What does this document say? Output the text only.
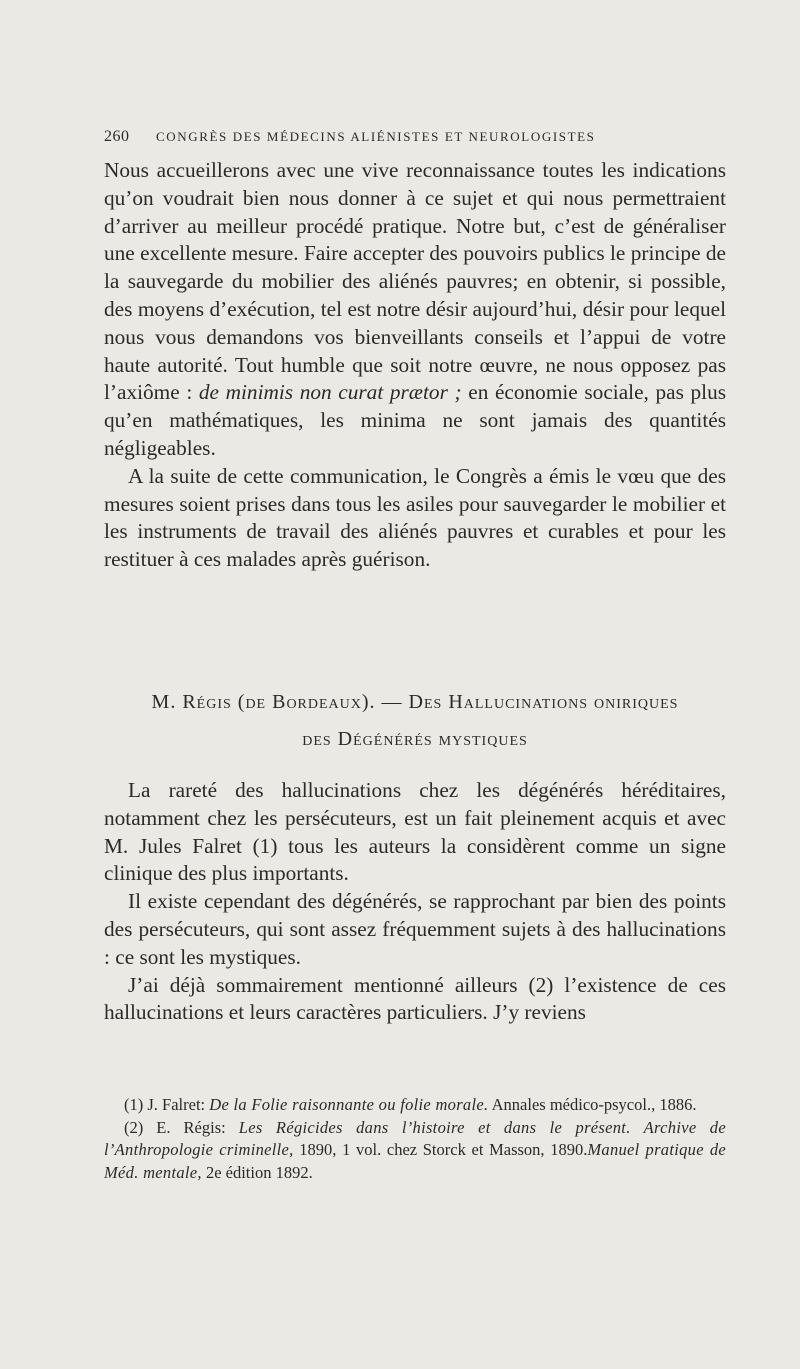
260 CONGRÈS DES MÉDECINS ALIÉNISTES ET NEUROLOGISTES

Nous accueillerons avec une vive reconnaissance toutes les indications qu’on voudrait bien nous donner à ce sujet et qui nous permettraient d’arriver au meilleur procédé pratique. Notre but, c’est de généraliser une excellente mesure. Faire accepter des pouvoirs publics le principe de la sauvegarde du mobilier des aliénés pauvres; en obtenir, si possible, des moyens d’exécution, tel est notre désir aujourd’hui, désir pour lequel nous vous demandons vos bienveillants conseils et l’appui de votre haute autorité. Tout humble que soit notre œuvre, ne nous opposez pas l’axiôme : de minimis non curat prætor ; en économie sociale, pas plus qu’en mathématiques, les minima ne sont jamais des quantités négligeables.

A la suite de cette communication, le Congrès a émis le vœu que des mesures soient prises dans tous les asiles pour sauvegarder le mobilier et les instruments de travail des aliénés pauvres et curables et pour les restituer à ces malades après guérison.

M. Régis (de Bordeaux). — Des Hallucinations oniriques
des Dégénérés mystiques

La rareté des hallucinations chez les dégénérés héréditaires, notamment chez les persécuteurs, est un fait pleinement acquis et avec M. Jules Falret (1) tous les auteurs la considèrent comme un signe clinique des plus importants.

Il existe cependant des dégénérés, se rapprochant par bien des points des persécuteurs, qui sont assez fréquemment sujets à des hallucinations : ce sont les mystiques.

J’ai déjà sommairement mentionné ailleurs (2) l’existence de ces hallucinations et leurs caractères particuliers. J’y reviens

(1) J. Falret: De la Folie raisonnante ou folie morale. Annales médico-psycol., 1886.

(2) E. Régis: Les Régicides dans l’histoire et dans le présent. Archive de l’Anthropologie criminelle, 1890, 1 vol. chez Storck et Masson, 1890.Manuel pratique de Méd. mentale, 2e édition 1892.
